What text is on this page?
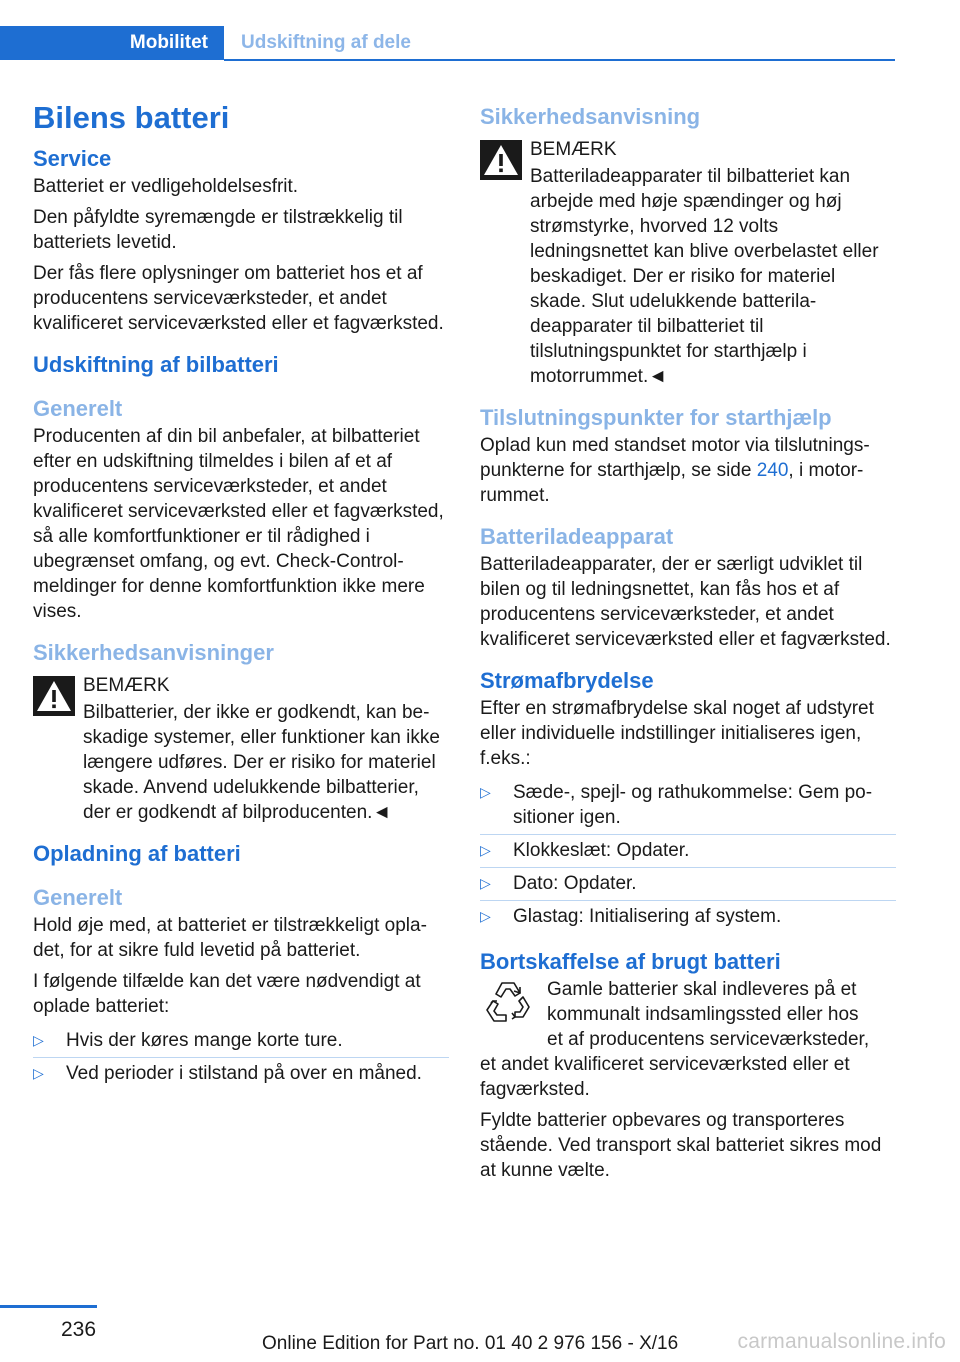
Mobilitet	Udskiftning af dele
Bilens batteri
Service

Batteriet er vedligeholdelsesfrit.

Den påfyldte syremængde er tilstrækkelig til batteriets levetid.

Der fås flere oplysninger om batteriet hos et af producentens serviceværksteder, et andet kvalificeret serviceværksted eller et fagværksted.

Udskiftning af bilbatteri
Generelt

Producenten af din bil anbefaler, at bilbatteriet efter en udskiftning tilmeldes i bilen af et af producentens serviceværksteder, et andet kvalificeret serviceværksted eller et fagværksted, så alle komfortfunktioner er til rådighed i ubegrænset omfang, og evt. Check-Control-meldinger for denne komfortfunktion ikke mere vises.

Sikkerhedsanvisninger
BEMÆRK

Bilbatterier, der ikke er godkendt, kan beskadige systemer, eller funktioner kan ikke længere udføres. Der er risiko for materiel skade. Anvend udelukkende bilbatterier, der er godkendt af bilproducenten.◄

Opladning af batteri
Generelt

Hold øje med, at batteriet er tilstrækkeligt opladet, for at sikre fuld levetid på batteriet.

I følgende tilfælde kan det være nødvendigt at oplade batteriet:

▷ Hvis der køres mange korte ture.
▷ Ved perioder i stilstand på over en måned.
Sikkerhedsanvisning
BEMÆRK

Batteriladeapparater til bilbatteriet kan arbejde med høje spændinger og høj strømstyrke, hvorved 12 volts ledningsnettet kan blive overbelastet eller beskadiget. Der er risiko for materiel skade. Slut udelukkende batteriladeapparater til bilbatteriet til tilslutningspunktet for starthjælp i motorrummet.◄

Tilslutningspunkter for starthjælp

Oplad kun med standset motor via tilslutningspunkterne for starthjælp, se side 240, i motorrummet.

Batteriladeapparat

Batteriladeapparater, der er særligt udviklet til bilen og til ledningsnettet, kan fås hos et af producentens serviceværksteder, et andet kvalificeret serviceværksted eller et fagværksted.

Strømafbrydelse

Efter en strømafbrydelse skal noget af udstyret eller individuelle indstillinger initialiseres igen, f.eks.:

▷ Sæde-, spejl- og rathukommelse: Gem positioner igen.
▷ Klokkeslæt: Opdater.
▷ Dato: Opdater.
▷ Glastag: Initialisering af system.
Bortskaffelse af brugt batteri

Gamle batterier skal indleveres på et

kommunalt indsamlingssted eller hos

et af producentens serviceværksteder,

et andet kvalificeret serviceværksted eller et fagværksted.

Fyldte batterier opbevares og transporteres stående. Ved transport skal batteriet sikres mod at kunne vælte.

236
Online Edition for Part no. 01 40 2 976 156 - X/16	carmanualsonline.info
